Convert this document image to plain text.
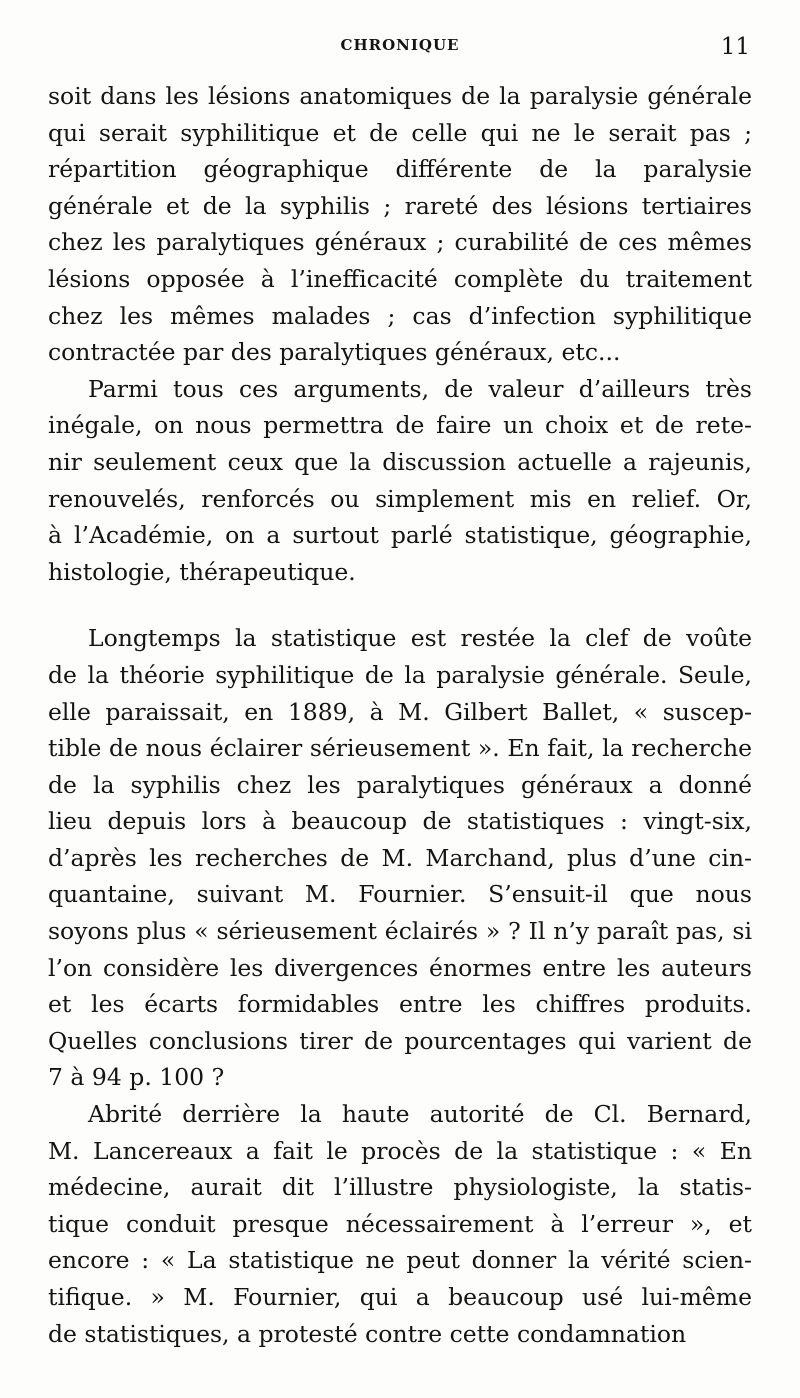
CHRONIQUE	11
soit dans les lésions anatomiques de la paralysie générale
qui serait syphilitique et de celle qui ne le serait pas ;
répartition géographique différente de la paralysie
générale et de la syphilis ; rareté des lésions tertiaires
chez les paralytiques généraux ; curabilité de ces mêmes
lésions opposée à l’inefficacité complète du traitement
chez les mêmes malades ; cas d’infection syphilitique
contractée par des paralytiques généraux, etc...
Parmi tous ces arguments, de valeur d’ailleurs très
inégale, on nous permettra de faire un choix et de rete-
nir seulement ceux que la discussion actuelle a rajeunis,
renouvelés, renforcés ou simplement mis en relief. Or,
à l’Académie, on a surtout parlé statistique, géographie,
histologie, thérapeutique.
Longtemps la statistique est restée la clef de voûte
de la théorie syphilitique de la paralysie générale. Seule,
elle paraissait, en 1889, à M. Gilbert Ballet, « suscep-
tible de nous éclairer sérieusement ». En fait, la recherche
de la syphilis chez les paralytiques généraux a donné
lieu depuis lors à beaucoup de statistiques : vingt-six,
d’après les recherches de M. Marchand, plus d’une cin-
quantaine, suivant M. Fournier. S’ensuit-il que nous
soyons plus « sérieusement éclairés » ? Il n’y paraît pas, si
l’on considère les divergences énormes entre les auteurs
et les écarts formidables entre les chiffres produits.
Quelles conclusions tirer de pourcentages qui varient de
7 à 94 p. 100 ?
Abrité derrière la haute autorité de Cl. Bernard,
M. Lancereaux a fait le procès de la statistique : « En
médecine, aurait dit l’illustre physiologiste, la statis-
tique conduit presque nécessairement à l’erreur », et
encore : « La statistique ne peut donner la vérité scien-
tifique. » M. Fournier, qui a beaucoup usé lui-même
de statistiques, a protesté contre cette condamnation
